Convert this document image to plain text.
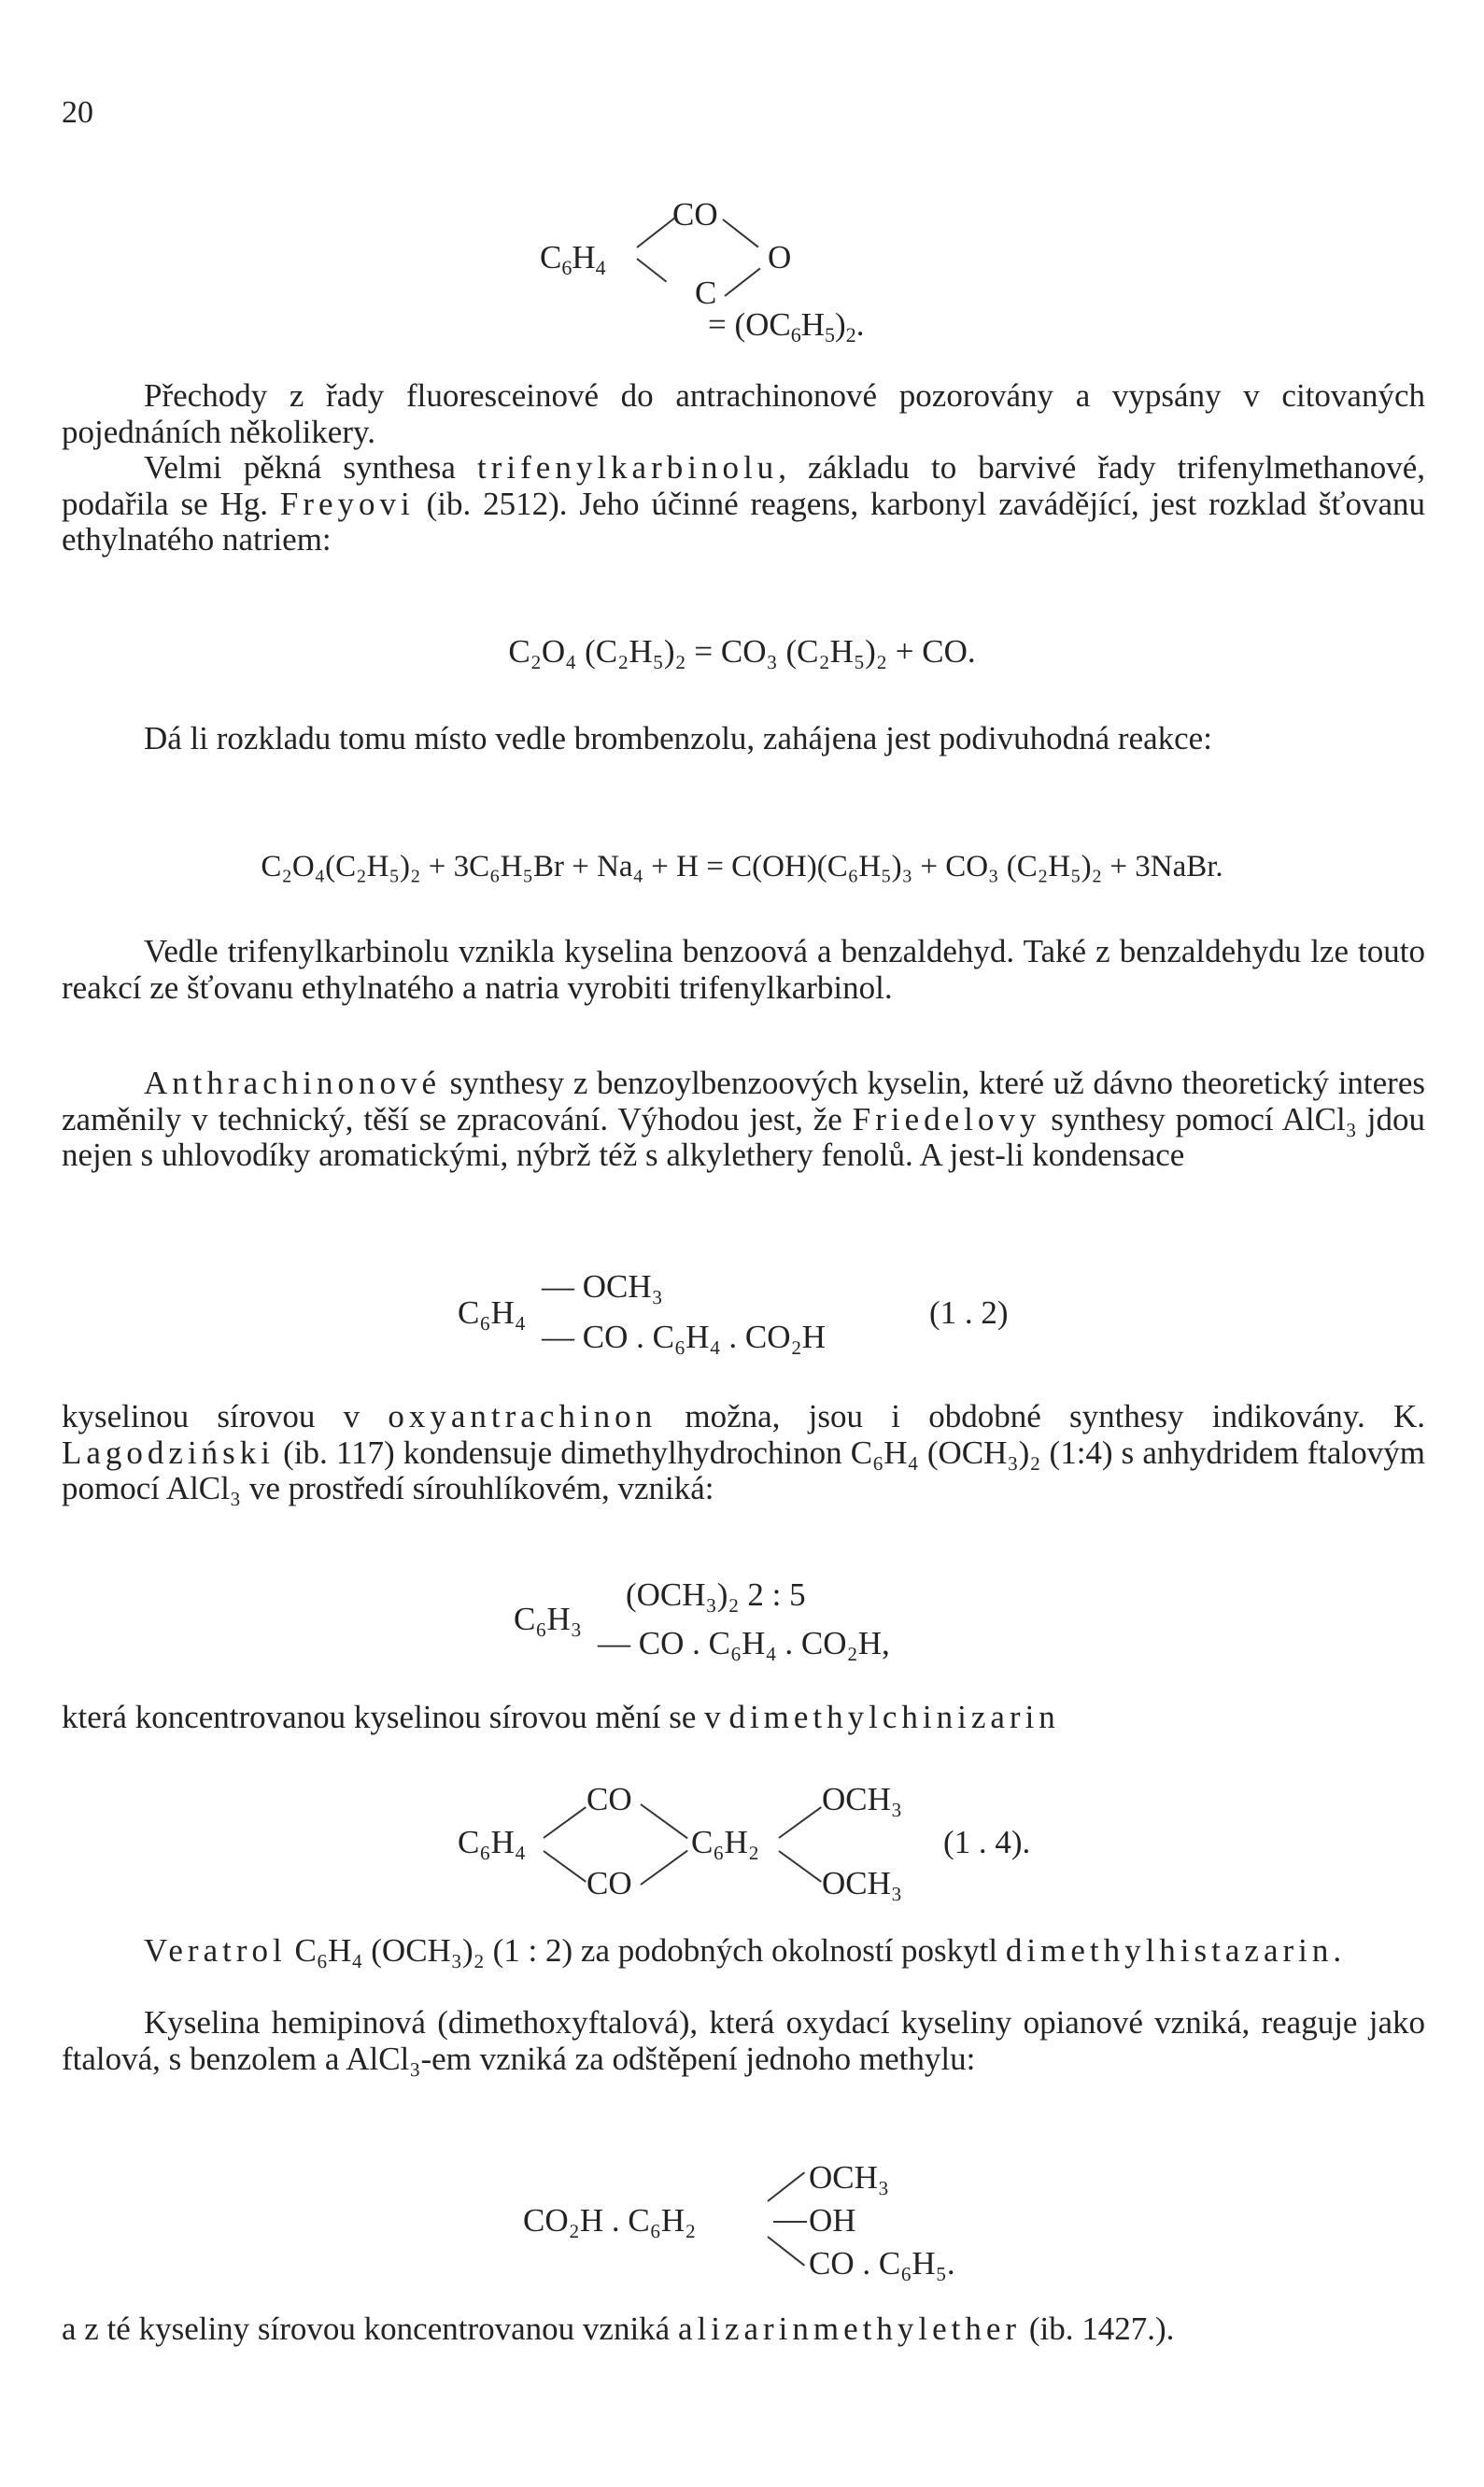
20
$C_6H_4$
CO
O
C
= $(OC_6H_5)_2$.

Přechody z řady fluoresceinové do antrachinonové pozorovány a vypsány v citovaných pojednáních několikery.

Velmi pěkná synthesa trifenylkarbinolu, základu to barvivé řady trifenylmethanové, podařila se Hg. Freyovi (ib. 2512). Jeho účinné reagens, karbonyl zaváděјící, jest rozklad šťovanu ethylnatého natriem:

C₂O₄ (C₂H₅)₂ = CO₃ (C₂H₅)₂ + CO.

Dá li rozkladu tomu místo vedle brombenzolu, zahájena jest podivuhodná reakce:

C₂O₄(C₂H₅)₂ + 3C₆H₅Br + Na₄ + H = C(OH)(C₆H₅)₃ + CO₃ (C₂H₅)₂ + 3NaBr.

Vedle trifenylkarbinolu vznikla kyselina benzoová a benzaldehyd. Také z benzaldehydu lze touto reakcí ze šťovanu ethylnatého a natria vyrobiti trifenylkarbinol.

Anthrachinonové synthesy z benzoylbenzoových kyselin, které už dávno theoretický interes zaměnily v technický, těší se zpracování. Výhodou jest, že Friedelovy synthesy pomocí AlCl₃ jdou nejen s uhlovodíky aromatickými, nýbrž též s alkylethery fenolů. A jest-li kondensace

— OCH₃
C₆H₄
— CO . C₆H₄ . CO₂H
(1 . 2)

kyselinou sírovou v oxyantrachinon možna, jsou i obdobné synthesy indikovány. K. Lagodziński (ib. 117) kondensuje dimethylhydrochinon C₆H₄ (OCH₃)₂ (1:4) s anhydridem ftalovým pomocí AlCl₃ ve prostředí sírouhlíkovém, vzniká:

(OCH₃)₂ 2 : 5
C₆H₃
— CO . C₆H₄ . CO₂H,

která koncentrovanou kyselinou sírovou mění se v dimethylchinizarin

C₆H₄
CO
CO
C₆H₂
OCH₃
OCH₃
(1 . 4).

Veratrol C₆H₄ (OCH₃)₂ (1 : 2) za podobných okolností poskytl dimethylhistazarin.

Kyselina hemipinová (dimethoxyftalová), která oxydací kyseliny opianové vzniká, reaguje jako ftalová, s benzolem a AlCl₃-em vzniká za odštěpení jednoho methylu:

CO₂H . C₆H₂
OCH₃
OH
CO . C₆H₅.

a z té kyseliny sírovou koncentrovanou vzniká alizarinmethylether (ib. 1427.).
